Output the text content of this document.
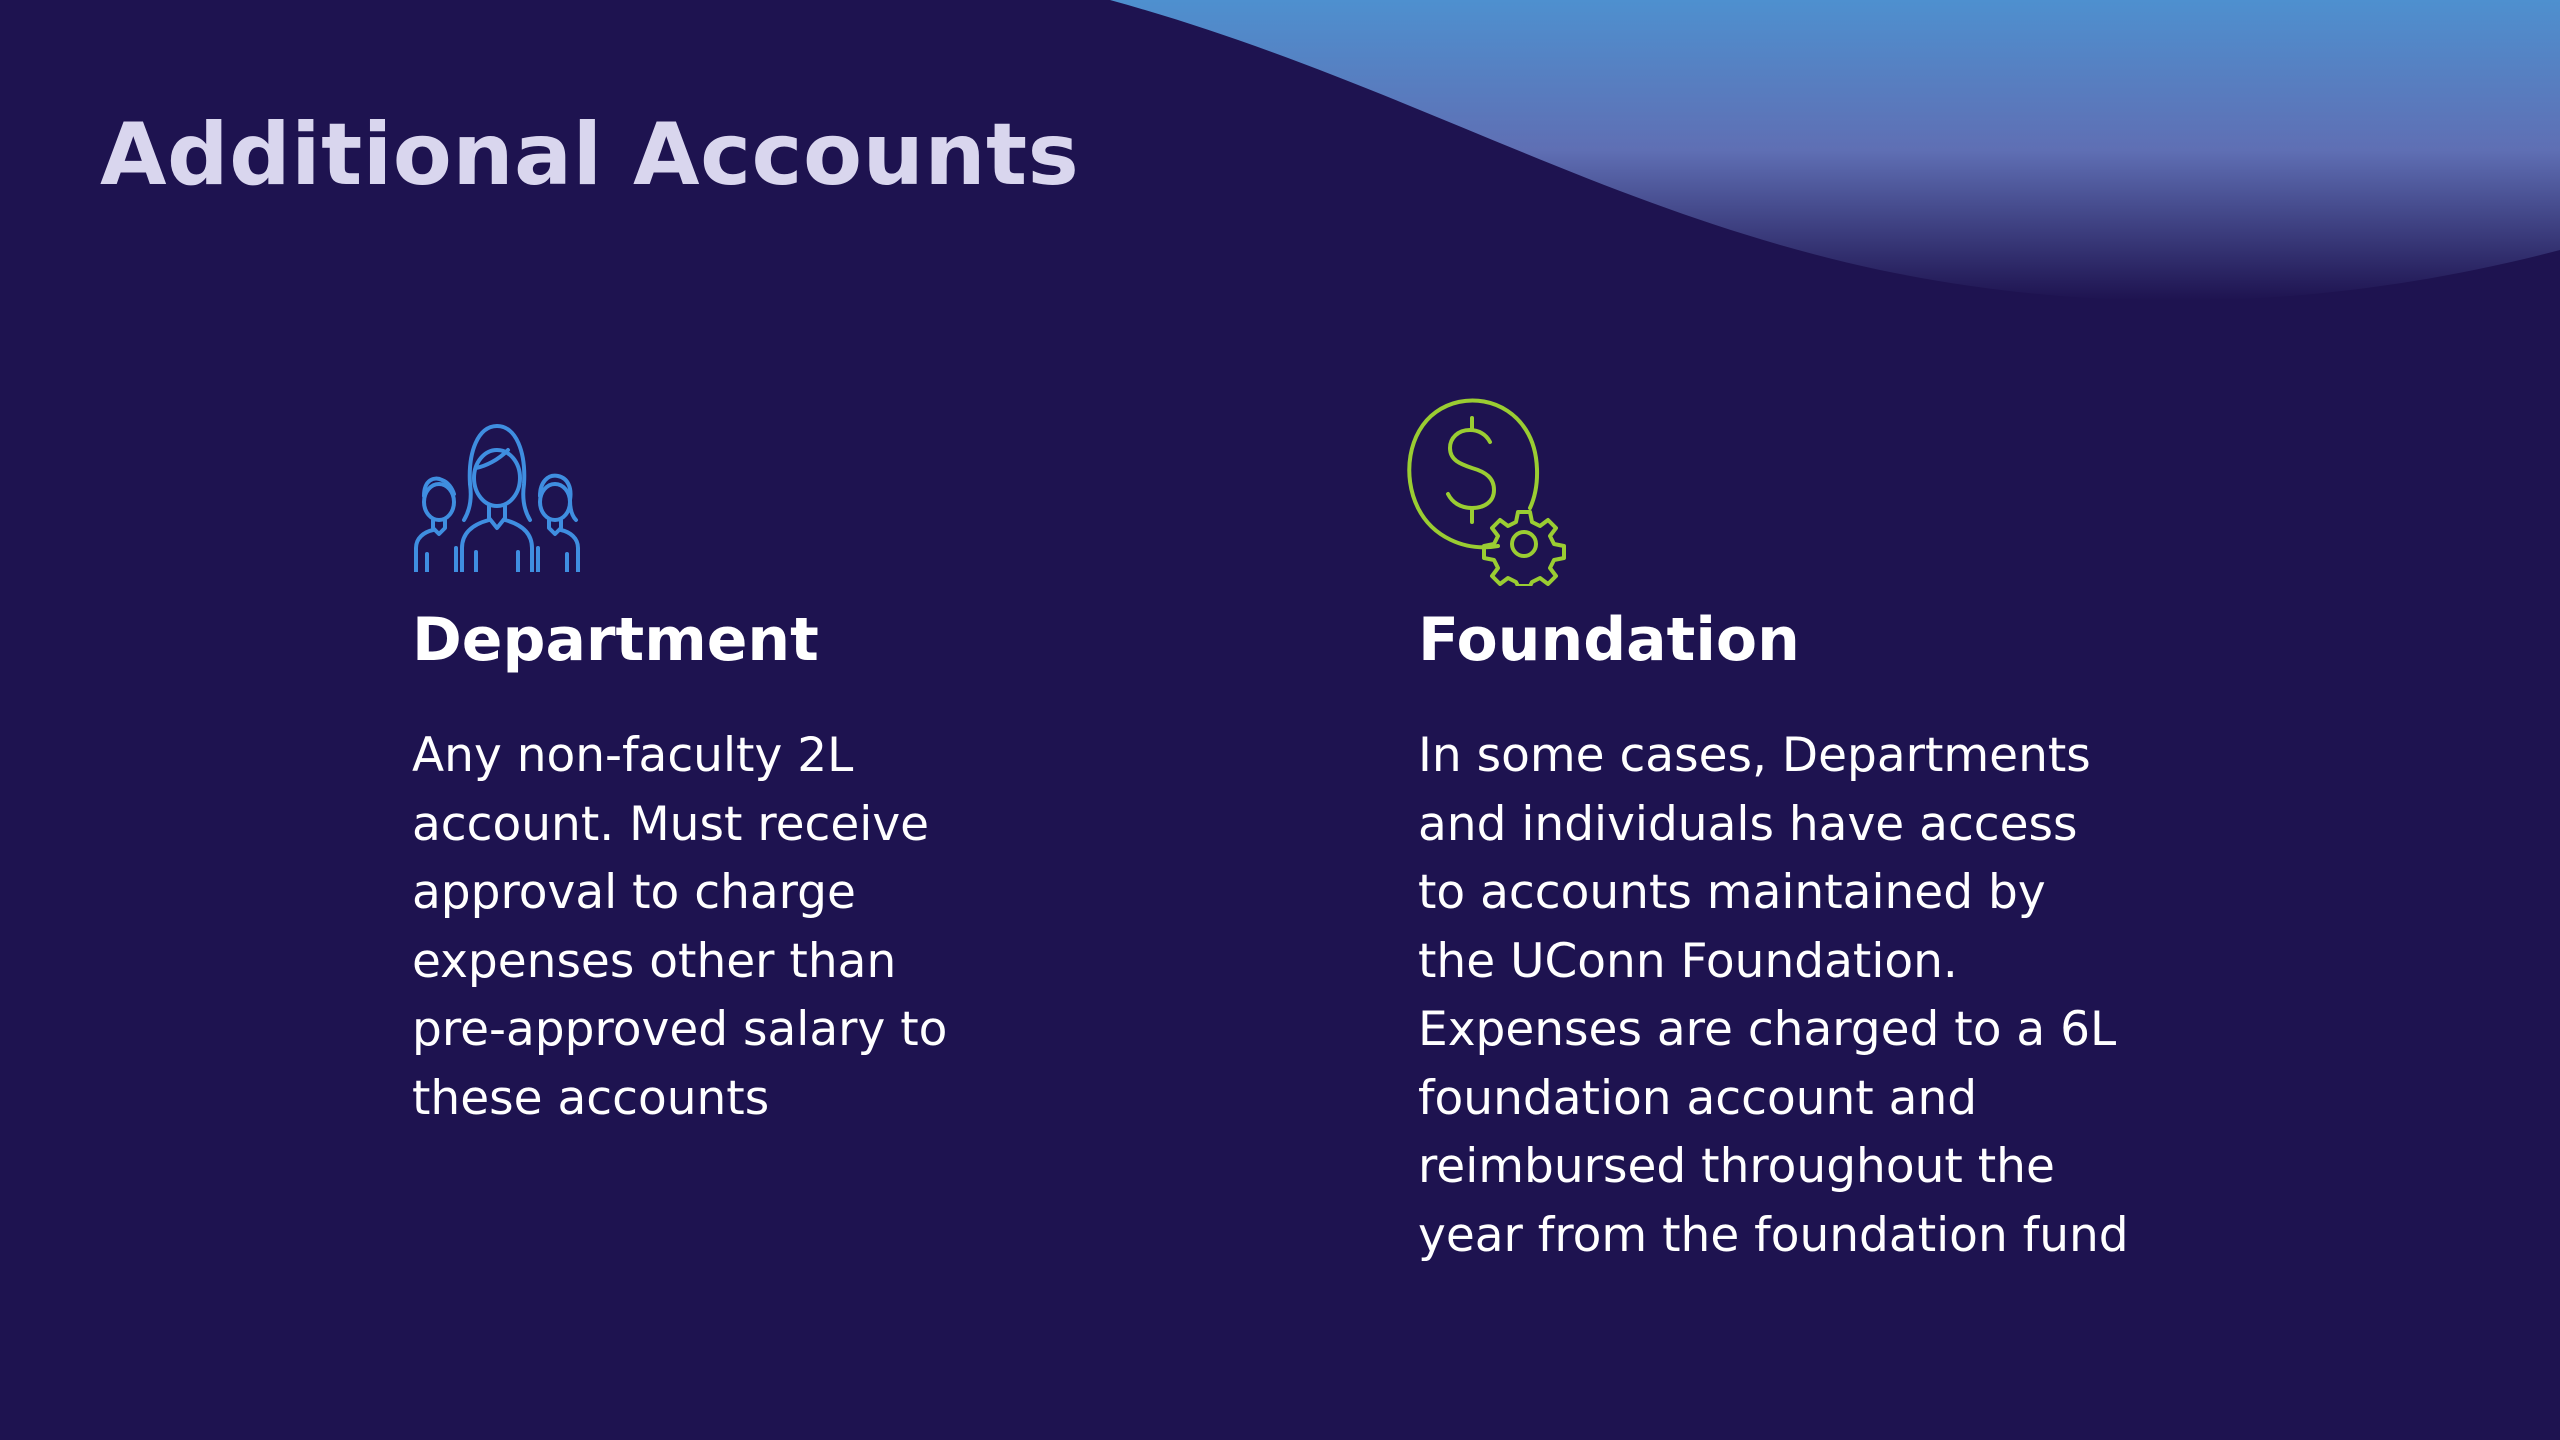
Additional Accounts
Department

Any non-faculty 2L
account. Must receive
approval to charge
expenses other than
pre-approved salary to
these accounts

Foundation

In some cases, Departments
and individuals have access
to accounts maintained by
the UConn Foundation.
Expenses are charged to a 6L
foundation account and
reimbursed throughout the
year from the foundation fund
